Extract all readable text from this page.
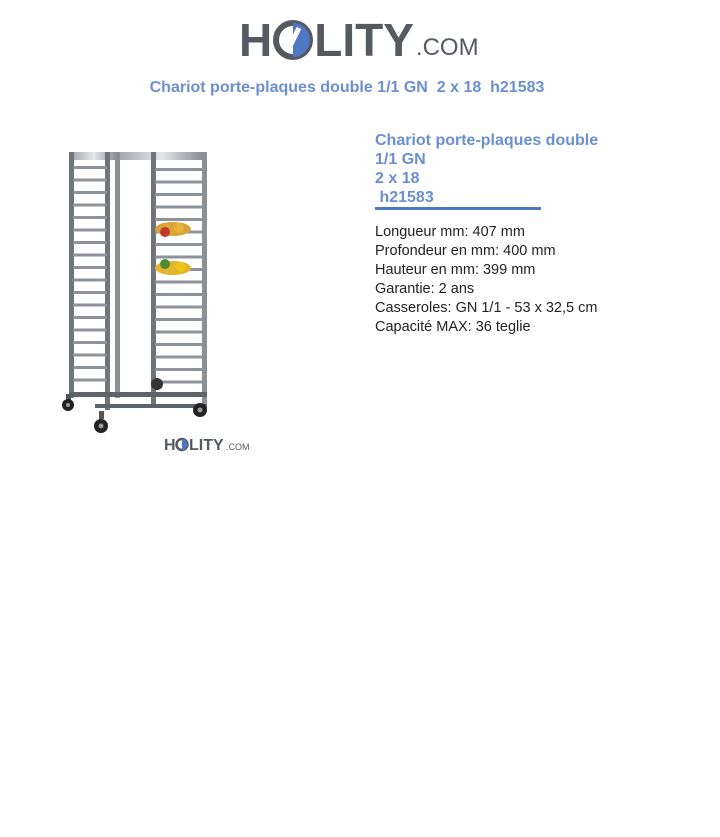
H LITY .COM
Chariot porte-plaques double 1/1 GN  2 x 18  h21583
H LITY .COM
Chariot porte-plaques double
1/1 GN
2 x 18
h21583
Longueur mm: 407 mm
Profondeur en mm: 400 mm
Hauteur en mm: 399 mm
Garantie: 2 ans
Casseroles: GN 1/1 - 53 x 32,5 cm
Capacité MAX: 36 teglie
